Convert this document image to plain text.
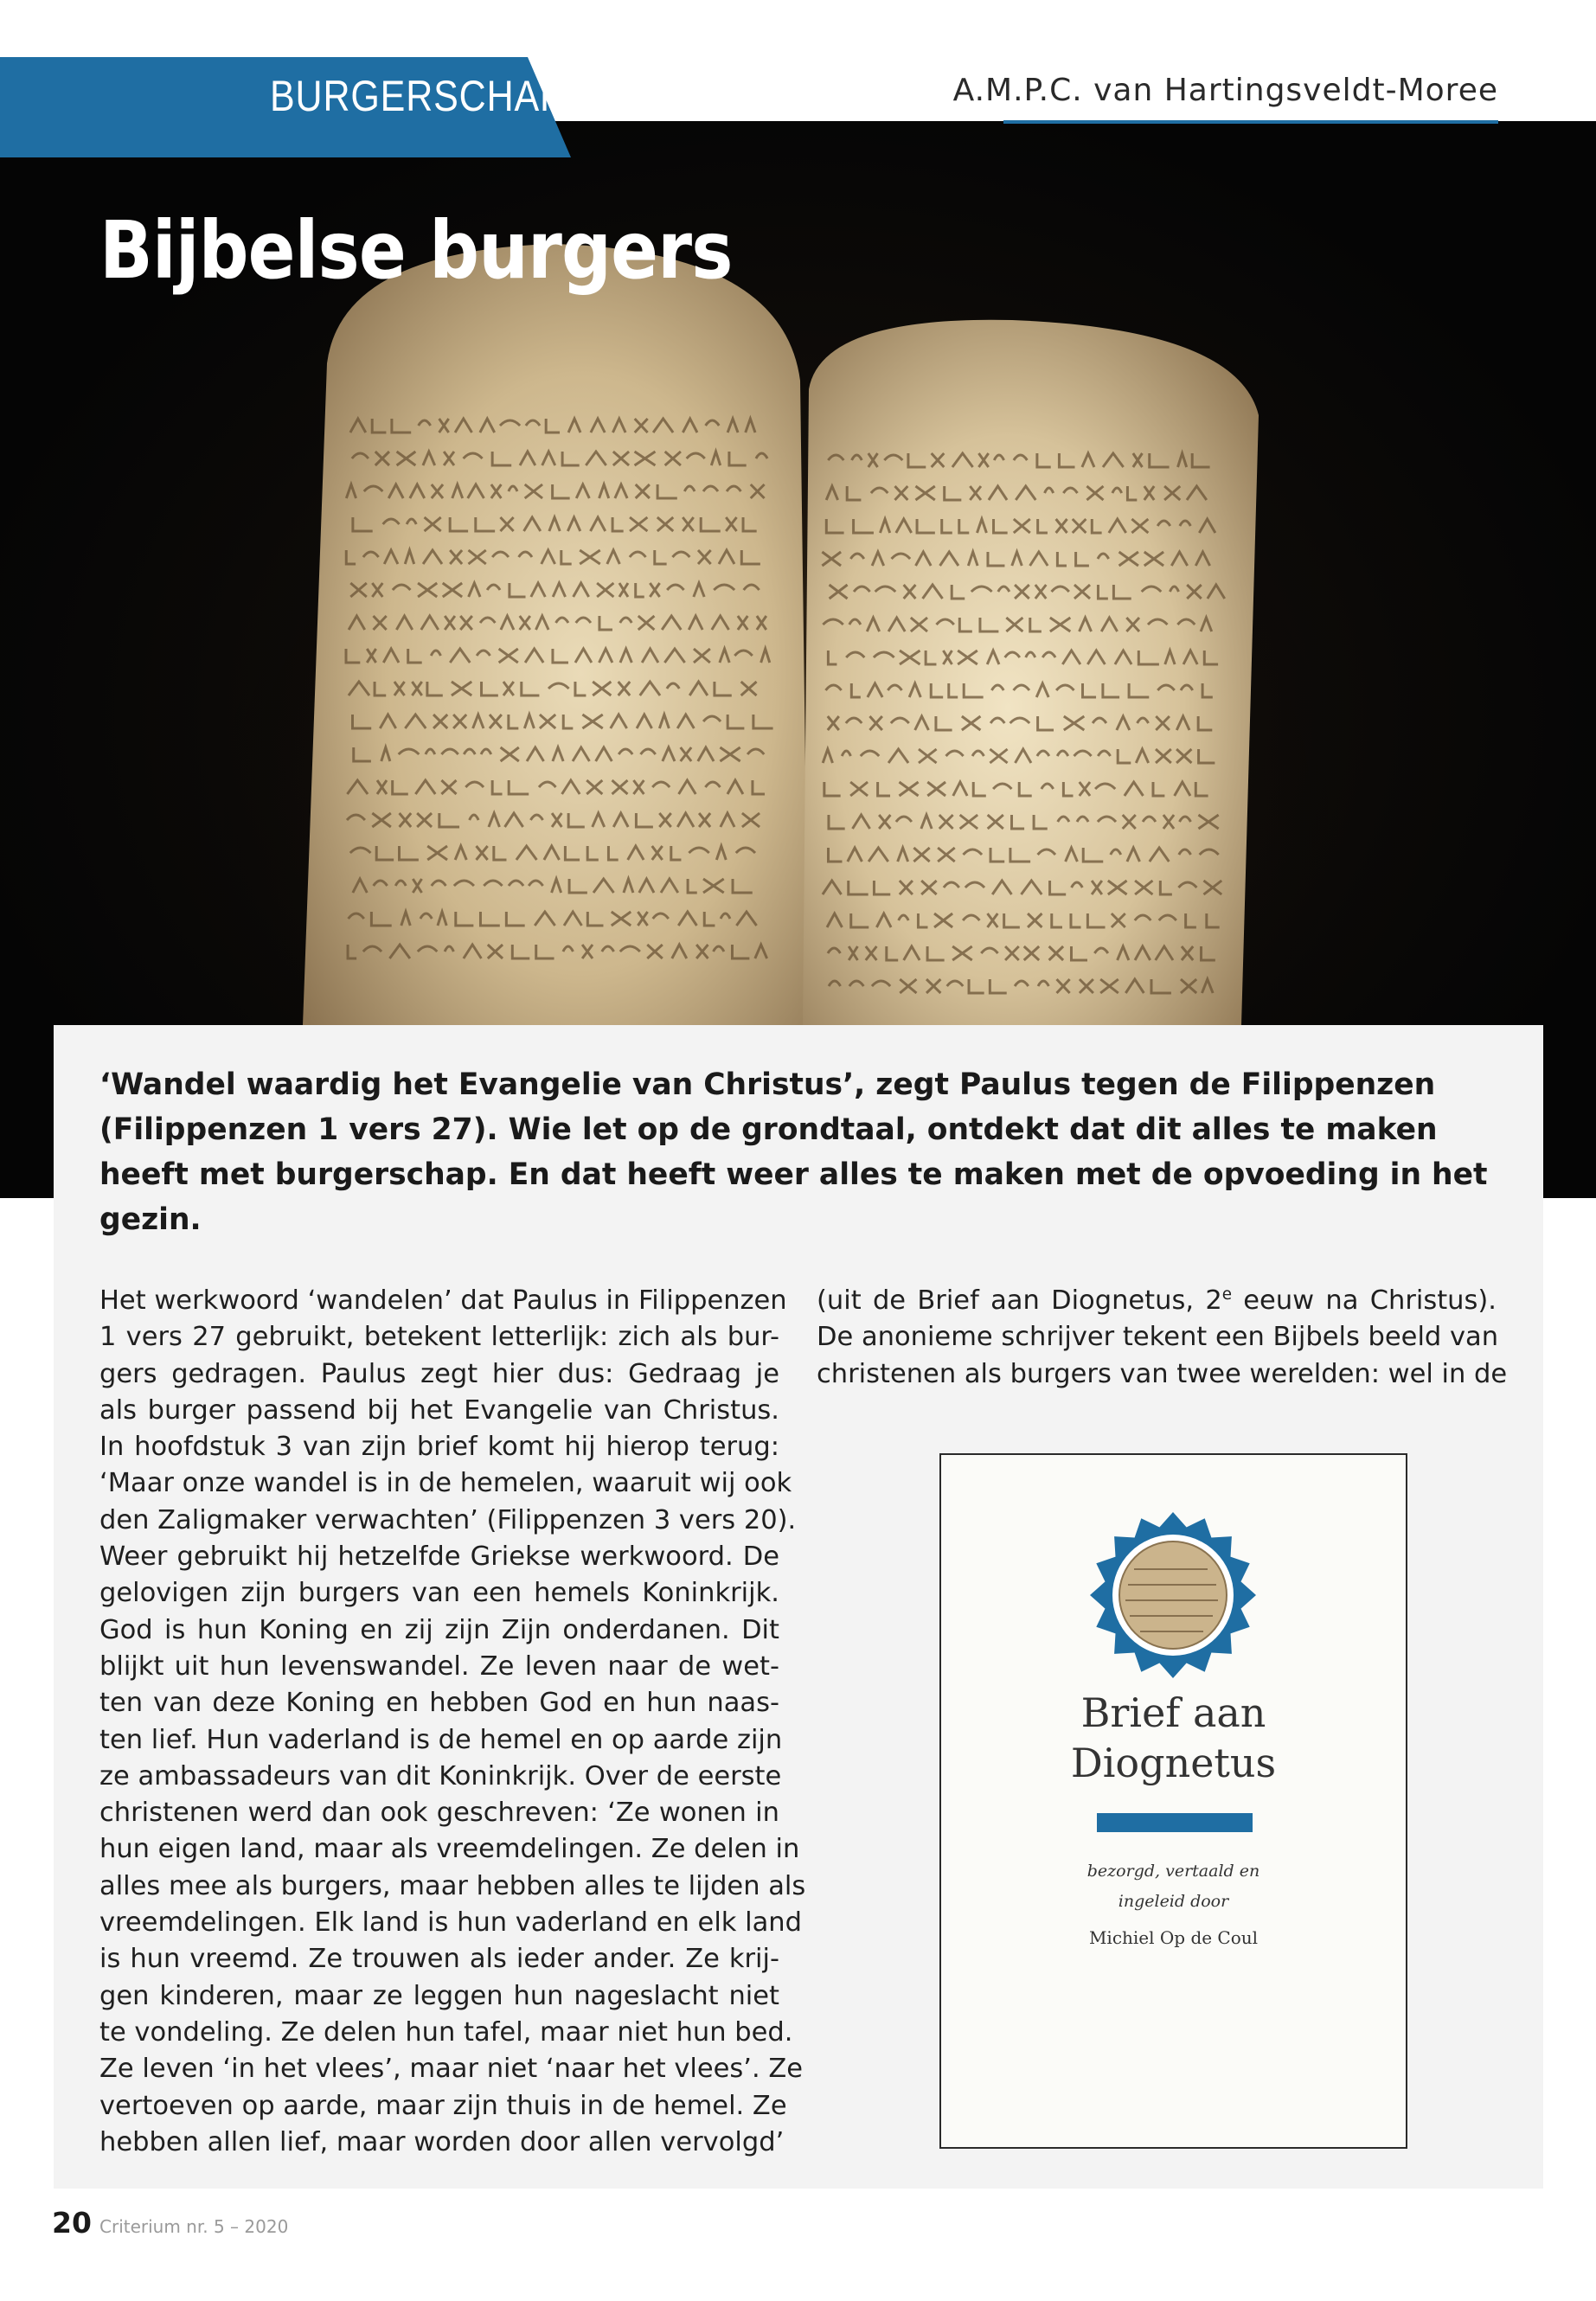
BURGERSCHAP	A.M.P.C. van Hartingsveldt-Moree
Bijbelse burgers
‘Wandel waardig het Evangelie van Christus’, zegt Paulus tegen de Filippenzen (Filippenzen 1 vers 27). Wie let op de grondtaal, ontdekt dat dit alles te maken heeft met burgerschap. En dat heeft weer alles te maken met de opvoeding in het gezin.
Het werkwoord ‘wandelen’ dat Paulus in Filippenzen
1 vers 27 gebruikt, betekent letterlijk: zich als bur-
gers gedragen. Paulus zegt hier dus: Gedraag je
als burger passend bij het Evangelie van Christus.
In hoofdstuk 3 van zijn brief komt hij hierop terug:
‘Maar onze wandel is in de hemelen, waaruit wij ook
den Zaligmaker verwachten’ (Filippenzen 3 vers 20).
Weer gebruikt hij hetzelfde Griekse werkwoord. De
gelovigen zijn burgers van een hemels Koninkrijk.
God is hun Koning en zij zijn Zijn onderdanen. Dit
blijkt uit hun levenswandel. Ze leven naar de wet-
ten van deze Koning en hebben God en hun naas-
ten lief. Hun vaderland is de hemel en op aarde zijn
ze ambassadeurs van dit Koninkrijk. Over de eerste
christenen werd dan ook geschreven: ‘Ze wonen in
hun eigen land, maar als vreemdelingen. Ze delen in
alles mee als burgers, maar hebben alles te lijden als
vreemdelingen. Elk land is hun vaderland en elk land
is hun vreemd. Ze trouwen als ieder ander. Ze krij-
gen kinderen, maar ze leggen hun nageslacht niet
te vondeling. Ze delen hun tafel, maar niet hun bed.
Ze leven ‘in het vlees’, maar niet ‘naar het vlees’. Ze
vertoeven op aarde, maar zijn thuis in de hemel. Ze
hebben allen lief, maar worden door allen vervolgd’
(uit de Brief aan Diognetus, 2e eeuw na Christus).
De anonieme schrijver tekent een Bijbels beeld van
christenen als burgers van twee werelden: wel in de
Brief aan
Diognetus
bezorgd, vertaald en
ingeleid door
Michiel Op de Coul
20 Criterium nr. 5 – 2020
